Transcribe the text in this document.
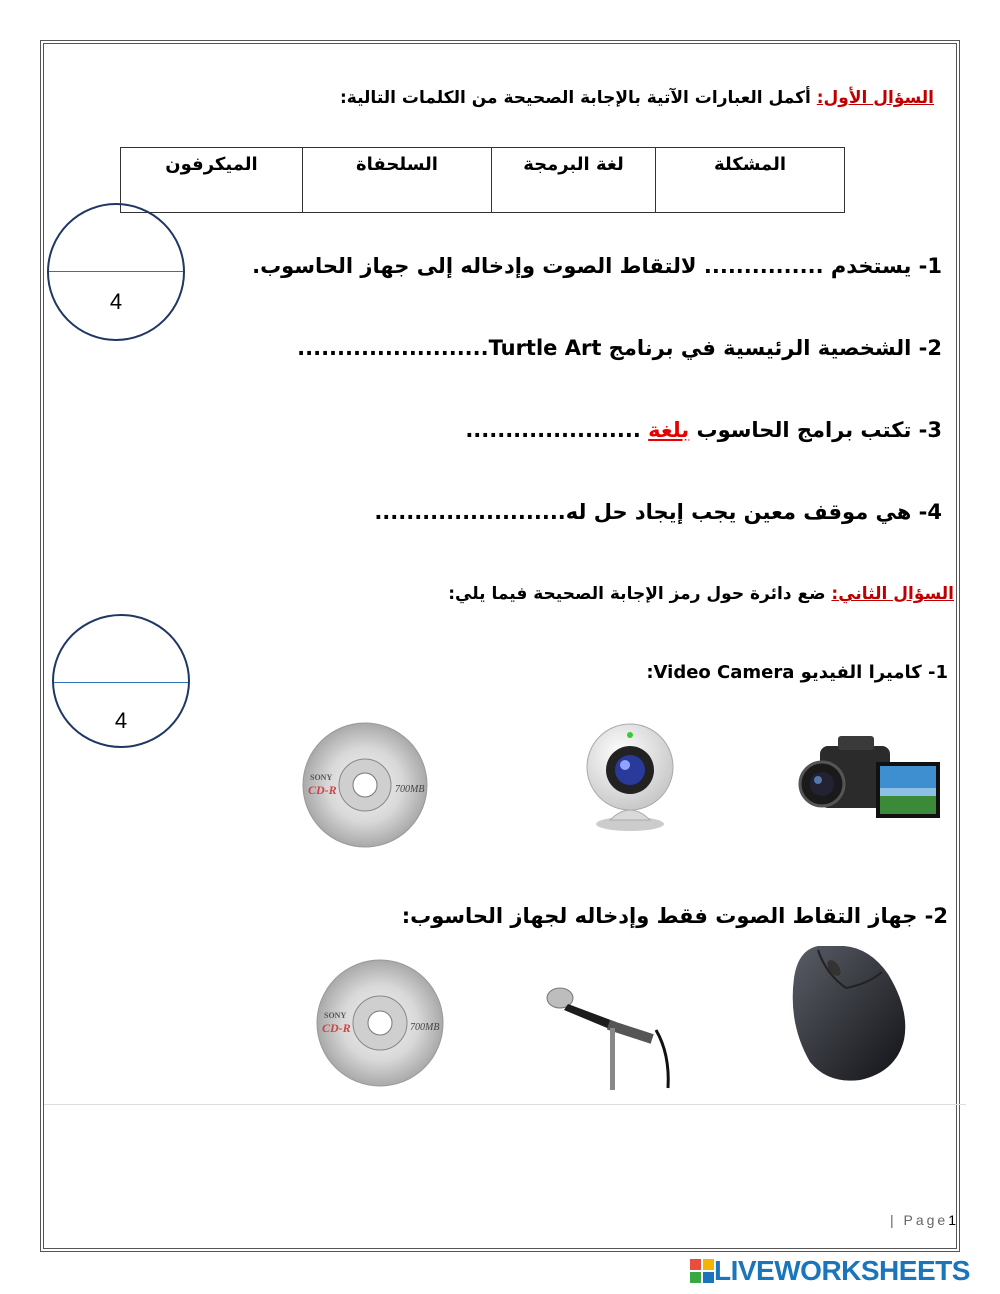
السؤال الأول: أكمل العبارات الآتية بالإجابة الصحيحة من الكلمات التالية:
المشكلة	لغة البرمجة	السلحفاة	الميكرفون
4
1- يستخدم ............... لالتقاط الصوت وإدخاله إلى جهاز الحاسوب.
2- الشخصية الرئيسية في برنامج Turtle Art........................
3- تكتب برامج الحاسوب بلغة ......................
4- هي موقف معين يجب إيجاد حل له........................
السؤال الثاني: ضع دائرة حول رمز الإجابة الصحيحة فيما يلي:
4
1- كاميرا الفيديو Video Camera:
SONY
CD-R	700MB
2- جهاز التقاط الصوت فقط وإدخاله لجهاز الحاسوب:
SONY
CD-R	700MB
| Page1
LIVEWORKSHEETS
